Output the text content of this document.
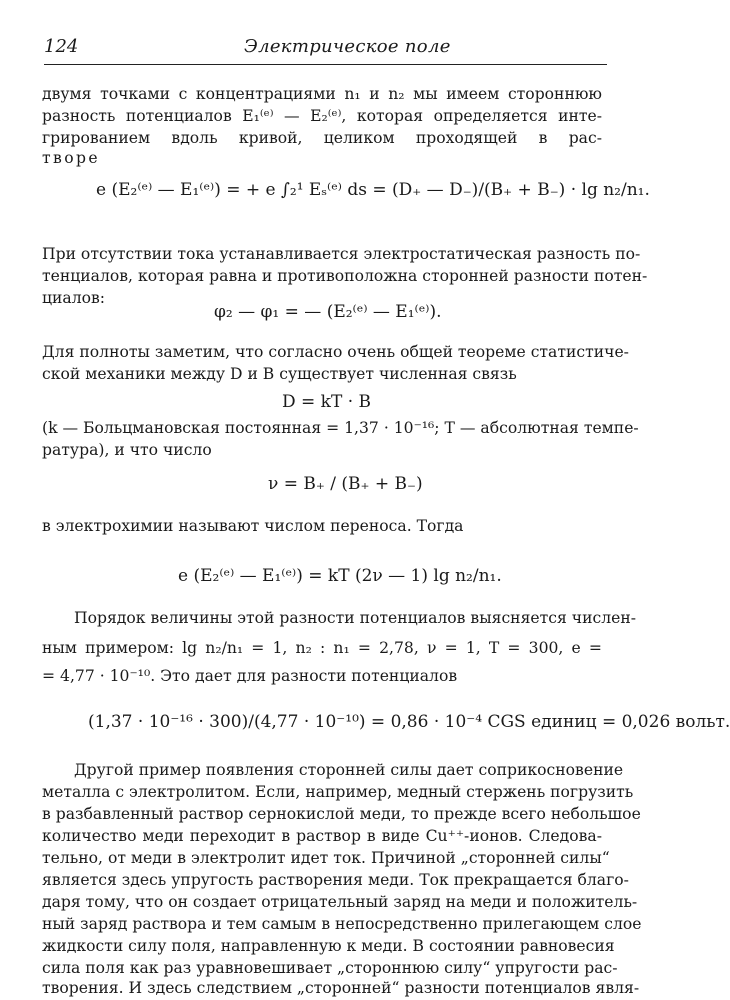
124	Электрическое поле
двумя точками с концентрациями n₁ и n₂ мы имеем стороннюю
разность потенциалов E₁⁽ᵉ⁾ — E₂⁽ᵉ⁾, которая определяется интe-
грированием вдоль кривой, целиком проходящей в рас-
творе
e (E₂⁽ᵉ⁾ — E₁⁽ᵉ⁾) = + e ∫₂¹ Eₛ⁽ᵉ⁾ ds = (D₊ — D₋)/(B₊ + B₋) · lg n₂/n₁.
При отсутствии тока устанавливается электростатическая разность по-
тенциалов, которая равна и противоположна сторонней разности потен-
циалов:
φ₂ — φ₁ = — (E₂⁽ᵉ⁾ — E₁⁽ᵉ⁾).
Для полноты заметим, что согласно очень общей теореме статистичe-
ской механики между D и B существует численная связь
D = kT · B
(k — Больцмановская постоянная = 1,37 · 10⁻¹⁶; T — абсолютная темпе-
ратура), и что число
ν = B₊ / (B₊ + B₋)
в электрохимии называют числом переноса. Тогда
e (E₂⁽ᵉ⁾ — E₁⁽ᵉ⁾) = kT (2ν — 1) lg n₂/n₁.
Порядок величины этой разности потенциалов выясняется числен-
ным примером: lg n₂/n₁ = 1, n₂ : n₁ = 2,78, ν = 1, T = 300, e =
= 4,77 · 10⁻¹⁰. Это дает для разности потенциалов
(1,37 · 10⁻¹⁶ · 300)/(4,77 · 10⁻¹⁰) = 0,86 · 10⁻⁴ CGS единиц = 0,026 вольт.
Другой пример появления сторонней силы дает соприкосновение
металла с электролитом. Если, например, медный стержень погрузить
в разбавленный раствор сернокислой меди, то прежде всего небольшое
количество меди переходит в раствор в виде Cu⁺⁺-ионов. Следова-
тельно, от меди в электролит идет ток. Причиной „сторонней силы“
является здесь упругость растворения меди. Ток прекращается благо-
даря тому, что он создает отрицательный заряд на меди и положитель-
ный заряд раствора и тем самым в непосредственно прилегающем слое
жидкости силу поля, направленную к меди. В состоянии равновесия
сила поля как раз уравновешивает „стороннюю силу“ упругости рас-
творения. И здесь следствием „сторонней“ разности потенциалов явля-
